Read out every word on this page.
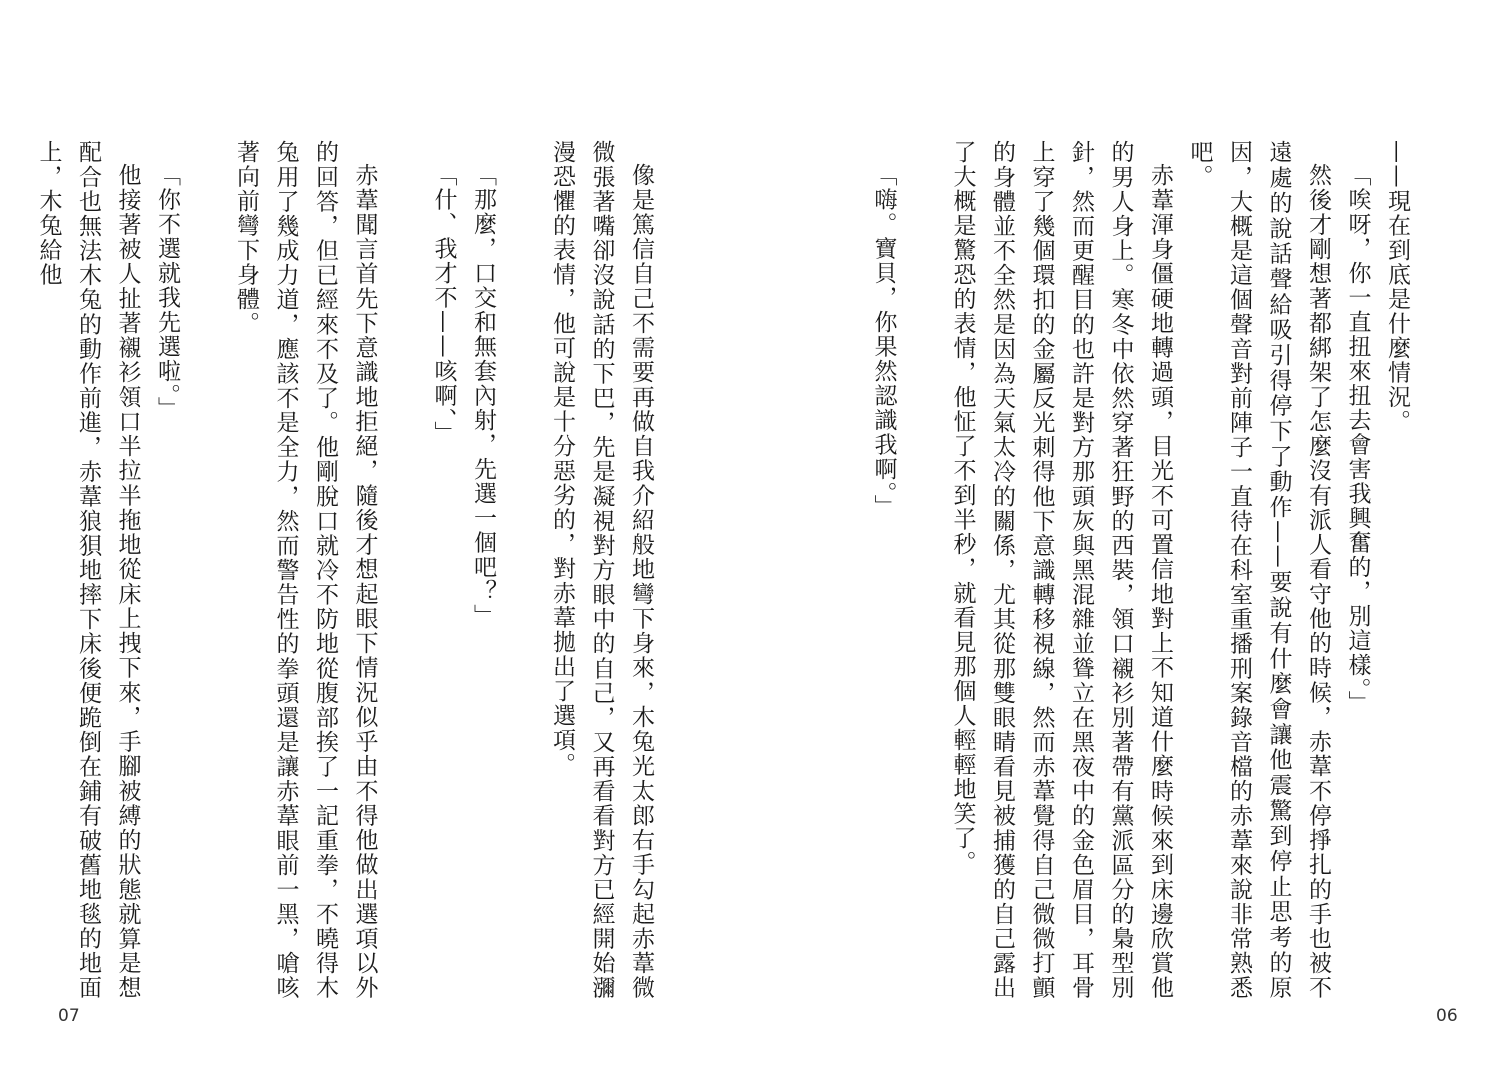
——現在到底是什麼情況。

「唉呀，你一直扭來扭去會害我興奮的，別這樣。」

然後才剛想著都綁架了怎麼沒有派人看守他的時候，赤葦不停掙扎的手也被不遠處的說話聲給吸引得停下了動作——要說有什麼會讓他震驚到停止思考的原因，大概是這個聲音對前陣子一直待在科室重播刑案錄音檔的赤葦來說非常熟悉吧。

赤葦渾身僵硬地轉過頭，目光不可置信地對上不知道什麼時候來到床邊欣賞他的男人身上。寒冬中依然穿著狂野的西裝，領口襯衫別著帶有黨派區分的梟型別針，然而更醒目的也許是對方那頭灰與黑混雜並聳立在黑夜中的金色眉目，耳骨上穿了幾個環扣的金屬反光刺得他下意識轉移視線，然而赤葦覺得自己微微打顫的身體並不全然是因為天氣太冷的關係，尤其從那雙眼睛看見被捕獲的自己露出了大概是驚恐的表情，他怔了不到半秒，就看見那個人輕輕地笑了。

「嗨。寶貝，你果然認識我啊。」

06

像是篤信自己不需要再做自我介紹般地彎下身來，木兔光太郎右手勾起赤葦微微張著嘴卻沒說話的下巴，先是凝視對方眼中的自己，又再看看對方已經開始瀰漫恐懼的表情，他可說是十分惡劣的，對赤葦拋出了選項。

「那麼，口交和無套內射，先選一個吧？」

「什、我才不——咳啊、」

赤葦聞言首先下意識地拒絕，隨後才想起眼下情況似乎由不得他做出選項以外的回答，但已經來不及了。他剛脫口就冷不防地從腹部挨了一記重拳，不曉得木兔用了幾成力道，應該不是全力，然而警告性的拳頭還是讓赤葦眼前一黑，嗆咳著向前彎下身體。

「你不選就我先選啦。」

他接著被人扯著襯衫領口半拉半拖地從床上拽下來，手腳被縛的狀態就算是想配合也無法木兔的動作前進，赤葦狼狽地摔下床後便跪倒在鋪有破舊地毯的地面上，木兔給他

07
